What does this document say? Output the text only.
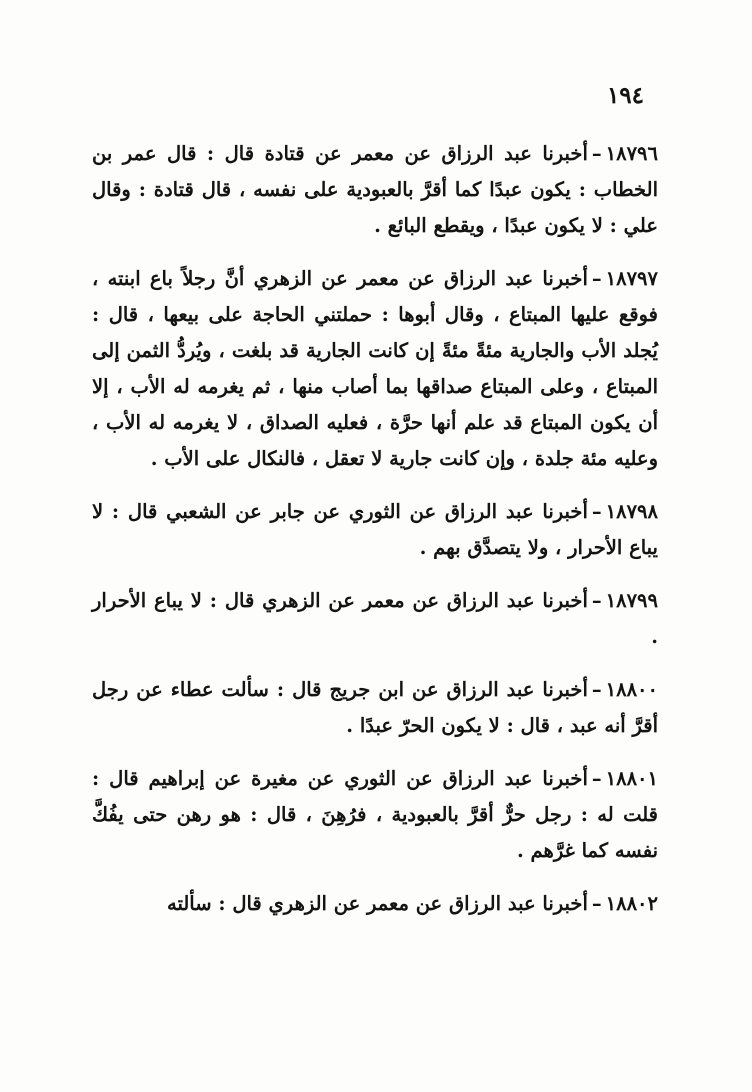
١٩٤

١٨٧٩٦–أخبرنا عبد الرزاق عن معمر عن قتادة قال : قال عمر بن الخطاب : يكون عبدًا كما أقرَّ بالعبودية على نفسه ، قال قتادة : وقال علي : لا يكون عبدًا ، ويقطع البائع .

١٨٧٩٧–أخبرنا عبد الرزاق عن معمر عن الزهري أنَّ رجلاً باع ابنته ، فوقع عليها المبتاع ، وقال أبوها : حملتني الحاجة على بيعها ، قال : يُجلد الأب والجارية مئةً مئةً إن كانت الجارية قد بلغت ، ويُردُّ الثمن إلى المبتاع ، وعلى المبتاع صداقها بما أصاب منها ، ثم يغرمه له الأب ، إلا أن يكون المبتاع قد علم أنها حرَّة ، فعليه الصداق ، لا يغرمه له الأب ، وعليه مئة جلدة ، وإن كانت جارية لا تعقل ، فالنكال على الأب .

١٨٧٩٨–أخبرنا عبد الرزاق عن الثوري عن جابر عن الشعبي قال : لا يباع الأحرار ، ولا يتصدَّق بهم .

١٨٧٩٩–أخبرنا عبد الرزاق عن معمر عن الزهري قال : لا يباع الأحرار .

١٨٨٠٠–أخبرنا عبد الرزاق عن ابن جريج قال : سألت عطاء عن رجل أقرَّ أنه عبد ، قال : لا يكون الحرّ عبدًا .

١٨٨٠١–أخبرنا عبد الرزاق عن الثوري عن مغيرة عن إبراهيم قال : قلت له : رجل حرٌّ أقرَّ بالعبودية ، فرُهِنَ ، قال : هو رهن حتى يفُكَّ نفسه كما غرَّهم .

١٨٨٠٢–أخبرنا عبد الرزاق عن معمر عن الزهري قال : سألته
